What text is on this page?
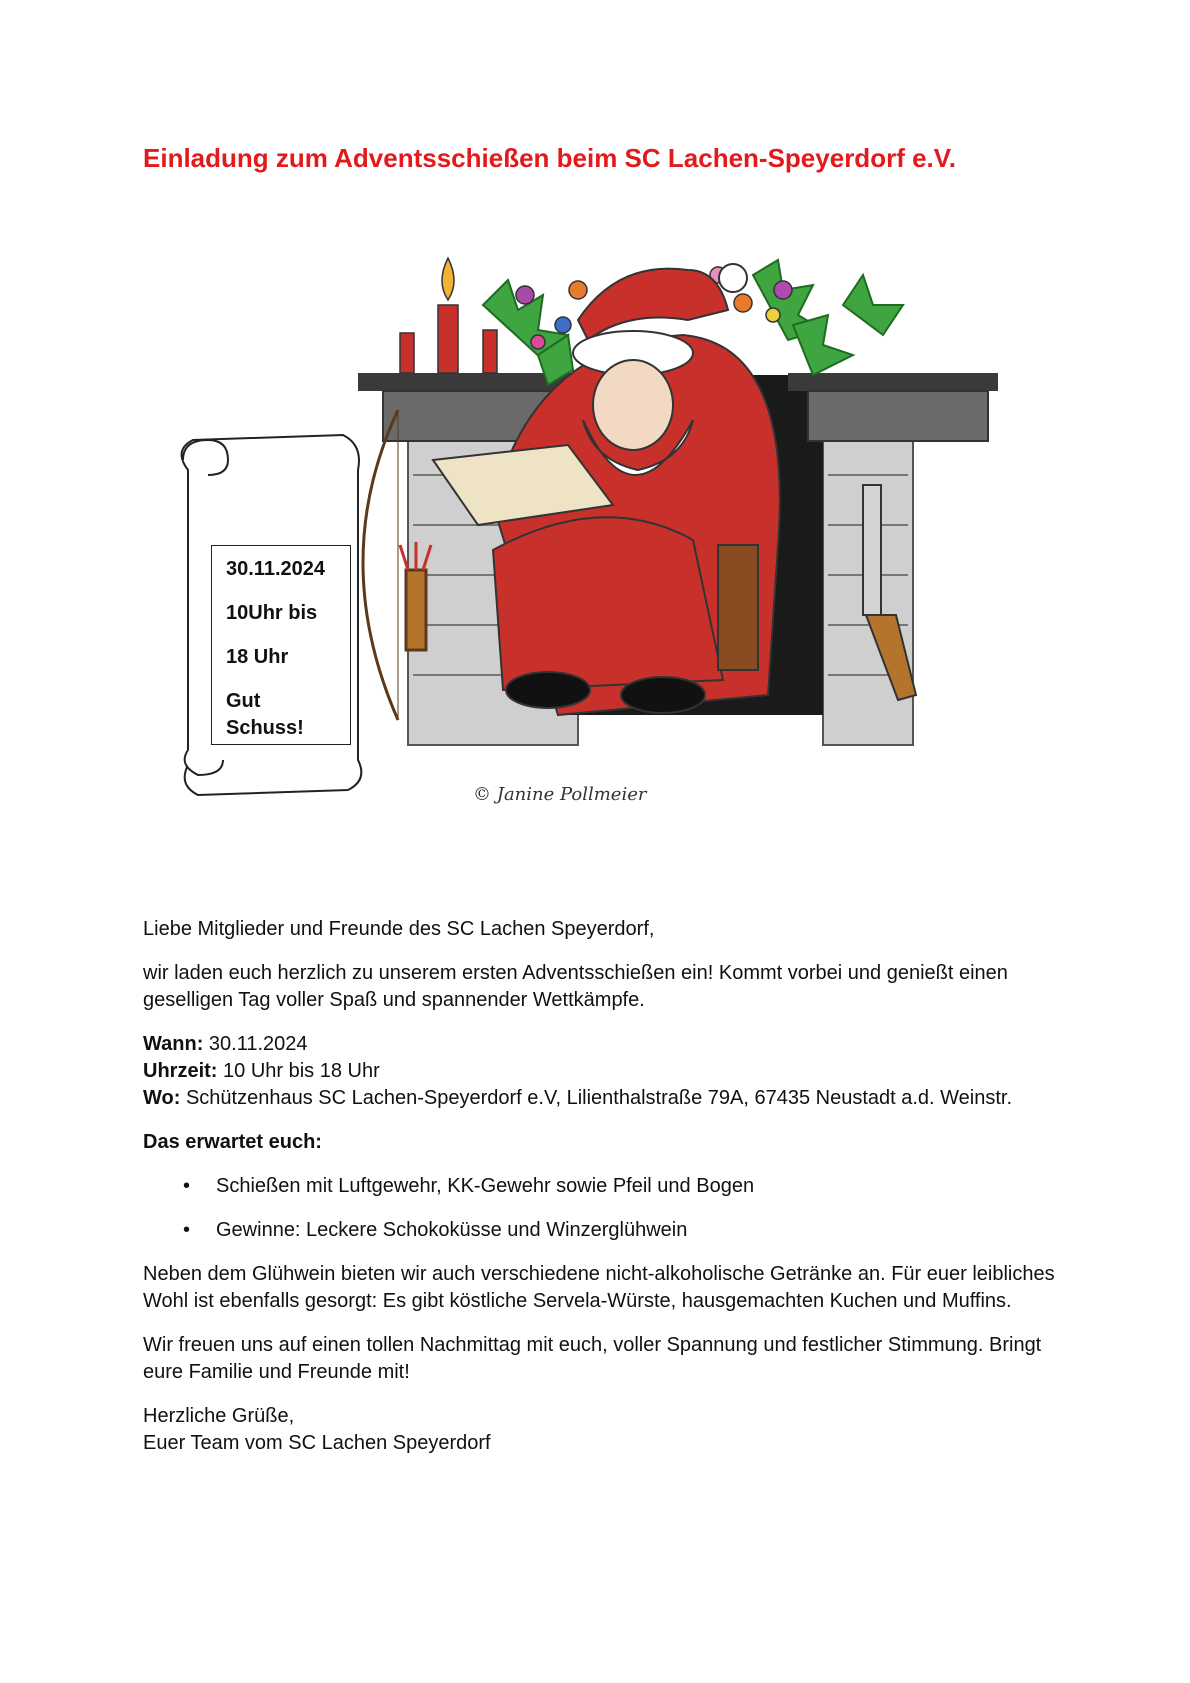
Einladung zum Adventsschießen beim SC Lachen-Speyerdorf e.V.
© Janine Pollmeier

30.11.2024

10Uhr bis

18 Uhr

Gut Schuss!

Liebe Mitglieder und Freunde des SC Lachen Speyerdorf,

wir laden euch herzlich zu unserem ersten Adventsschießen ein! Kommt vorbei und genießt einen geselligen Tag voller Spaß und spannender Wettkämpfe.

Wann: 30.11.2024
Uhrzeit: 10 Uhr bis 18 Uhr
Wo: Schützenhaus SC Lachen-Speyerdorf e.V, Lilienthalstraße 79A, 67435 Neustadt a.d. Weinstr.

Das erwartet euch:

• Schießen mit Luftgewehr, KK-Gewehr sowie Pfeil und Bogen
• Gewinne: Leckere Schokoküsse und Winzerglühwein

Neben dem Glühwein bieten wir auch verschiedene nicht-alkoholische Getränke an. Für euer leibliches Wohl ist ebenfalls gesorgt: Es gibt köstliche Servela-Würste, hausgemachten Kuchen und Muffins.

Wir freuen uns auf einen tollen Nachmittag mit euch, voller Spannung und festlicher Stimmung. Bringt eure Familie und Freunde mit!

Herzliche Grüße,
Euer Team vom SC Lachen Speyerdorf
